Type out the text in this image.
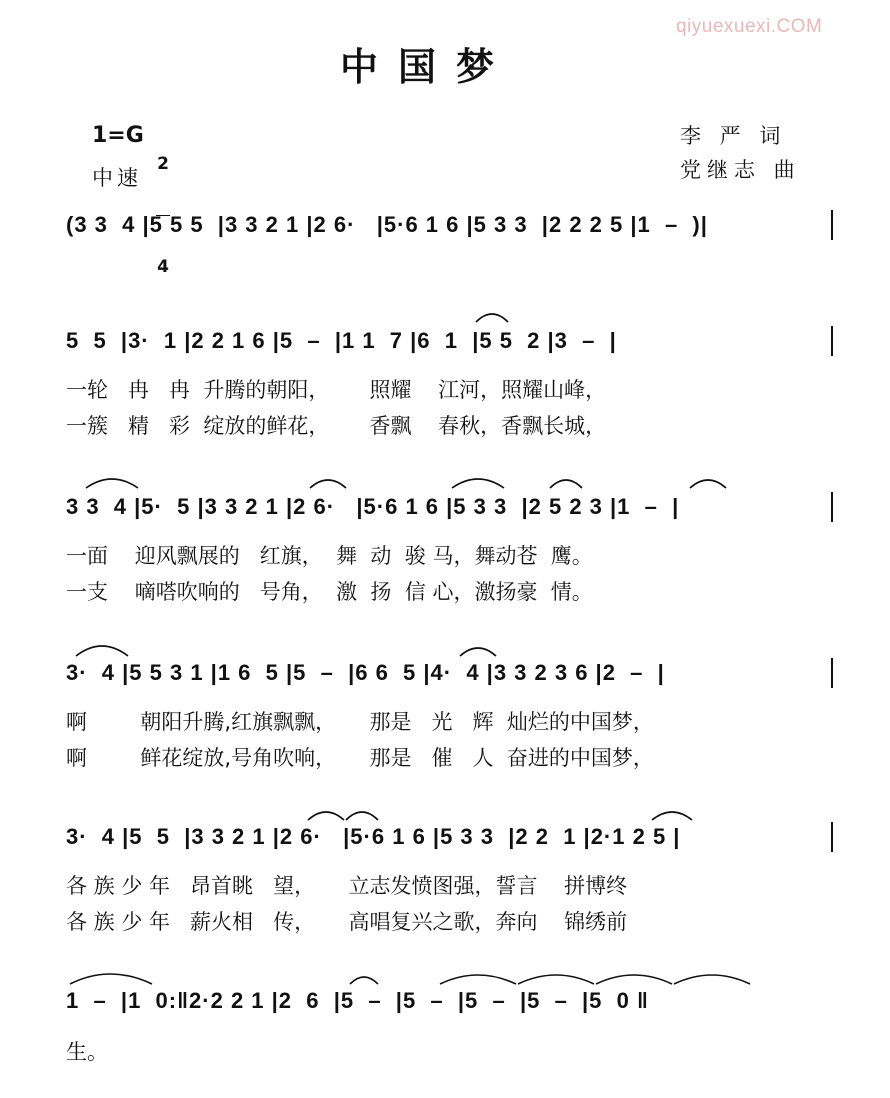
qiyuexuexi.COM
中国梦
1=G

2

4

中速
李 严 词
党继志 曲
(3 3  4 |5 5 5  |3 3 2 1 |2 6·   |5·6 1 6 |5 3 3  |2 2 2 5 |1  –  )|
5  5  |3·  1 |2 2 1 6 |5  –  |1 1  7 |6  1  |5 5  2 |3  –  |
一轮   冉   冉  升腾的朝阳，      照耀    江河，照耀山峰，
一簇   精   彩  绽放的鲜花，      香飘    春秋，香飘长城，
3 3  4 |5·  5 |3 3 2 1 |2 6·   |5·6 1 6 |5 3 3  |2 5 2 3 |1  –  |
一面    迎风飘展的   红旗，  舞  动  骏 马，舞动苍  鹰。
一支    嘀嗒吹响的   号角，  激  扬  信 心，激扬豪  情。
3·  4 |5 5 3 1 |1 6  5 |5  –  |6 6  5 |4·  4 |3 3 2 3 6 |2  –  |
啊        朝阳升腾,红旗飘飘，     那是   光   辉  灿烂的中国梦，
啊        鲜花绽放,号角吹响，     那是   催   人  奋进的中国梦，
3·  4 |5  5  |3 3 2 1 |2 6·   |5·6 1 6 |5 3 3  |2 2  1 |2·1 2 5 |
各 族 少 年   昂首眺   望，     立志发愤图强，誓言    拼博终
各 族 少 年   薪火相   传，     高唱复兴之歌，奔向    锦绣前
1  –  |1  0:‖2·2 2 1 |2  6  |5  –  |5  –  |5  –  |5  –  |5  0 ‖
生。
